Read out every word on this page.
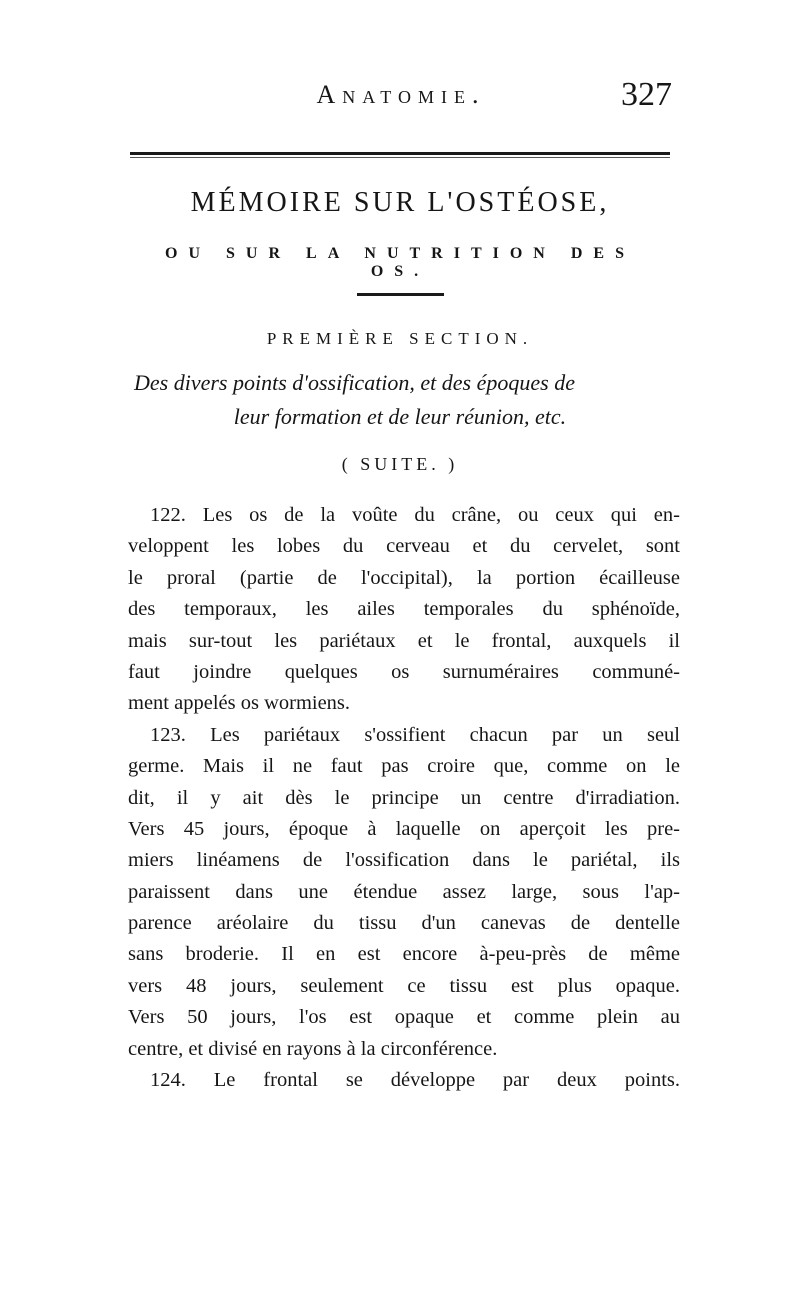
Anatomie.	327
MÉMOIRE SUR L'OSTÉOSE,
OU SUR LA NUTRITION DES OS.
PREMIÈRE SECTION.
Des divers points d'ossification, et des époques de
leur formation et de leur réunion, etc.
( SUITE. )
122. Les os de la voûte du crâne, ou ceux qui en-
veloppent les lobes du cerveau et du cervelet, sont
le proral (partie de l'occipital), la portion écailleuse
des temporaux, les ailes temporales du sphénoïde,
mais sur-tout les pariétaux et le frontal, auxquels il
faut joindre quelques os surnuméraires communé-
ment appelés os wormiens.
123. Les pariétaux s'ossifient chacun par un seul
germe. Mais il ne faut pas croire que, comme on le
dit, il y ait dès le principe un centre d'irradiation.
Vers 45 jours, époque à laquelle on aperçoit les pre-
miers linéamens de l'ossification dans le pariétal, ils
paraissent dans une étendue assez large, sous l'ap-
parence aréolaire du tissu d'un canevas de dentelle
sans broderie. Il en est encore à-peu-près de même
vers 48 jours, seulement ce tissu est plus opaque.
Vers 50 jours, l'os est opaque et comme plein au
centre, et divisé en rayons à la circonférence.
124. Le frontal se développe par deux points.
